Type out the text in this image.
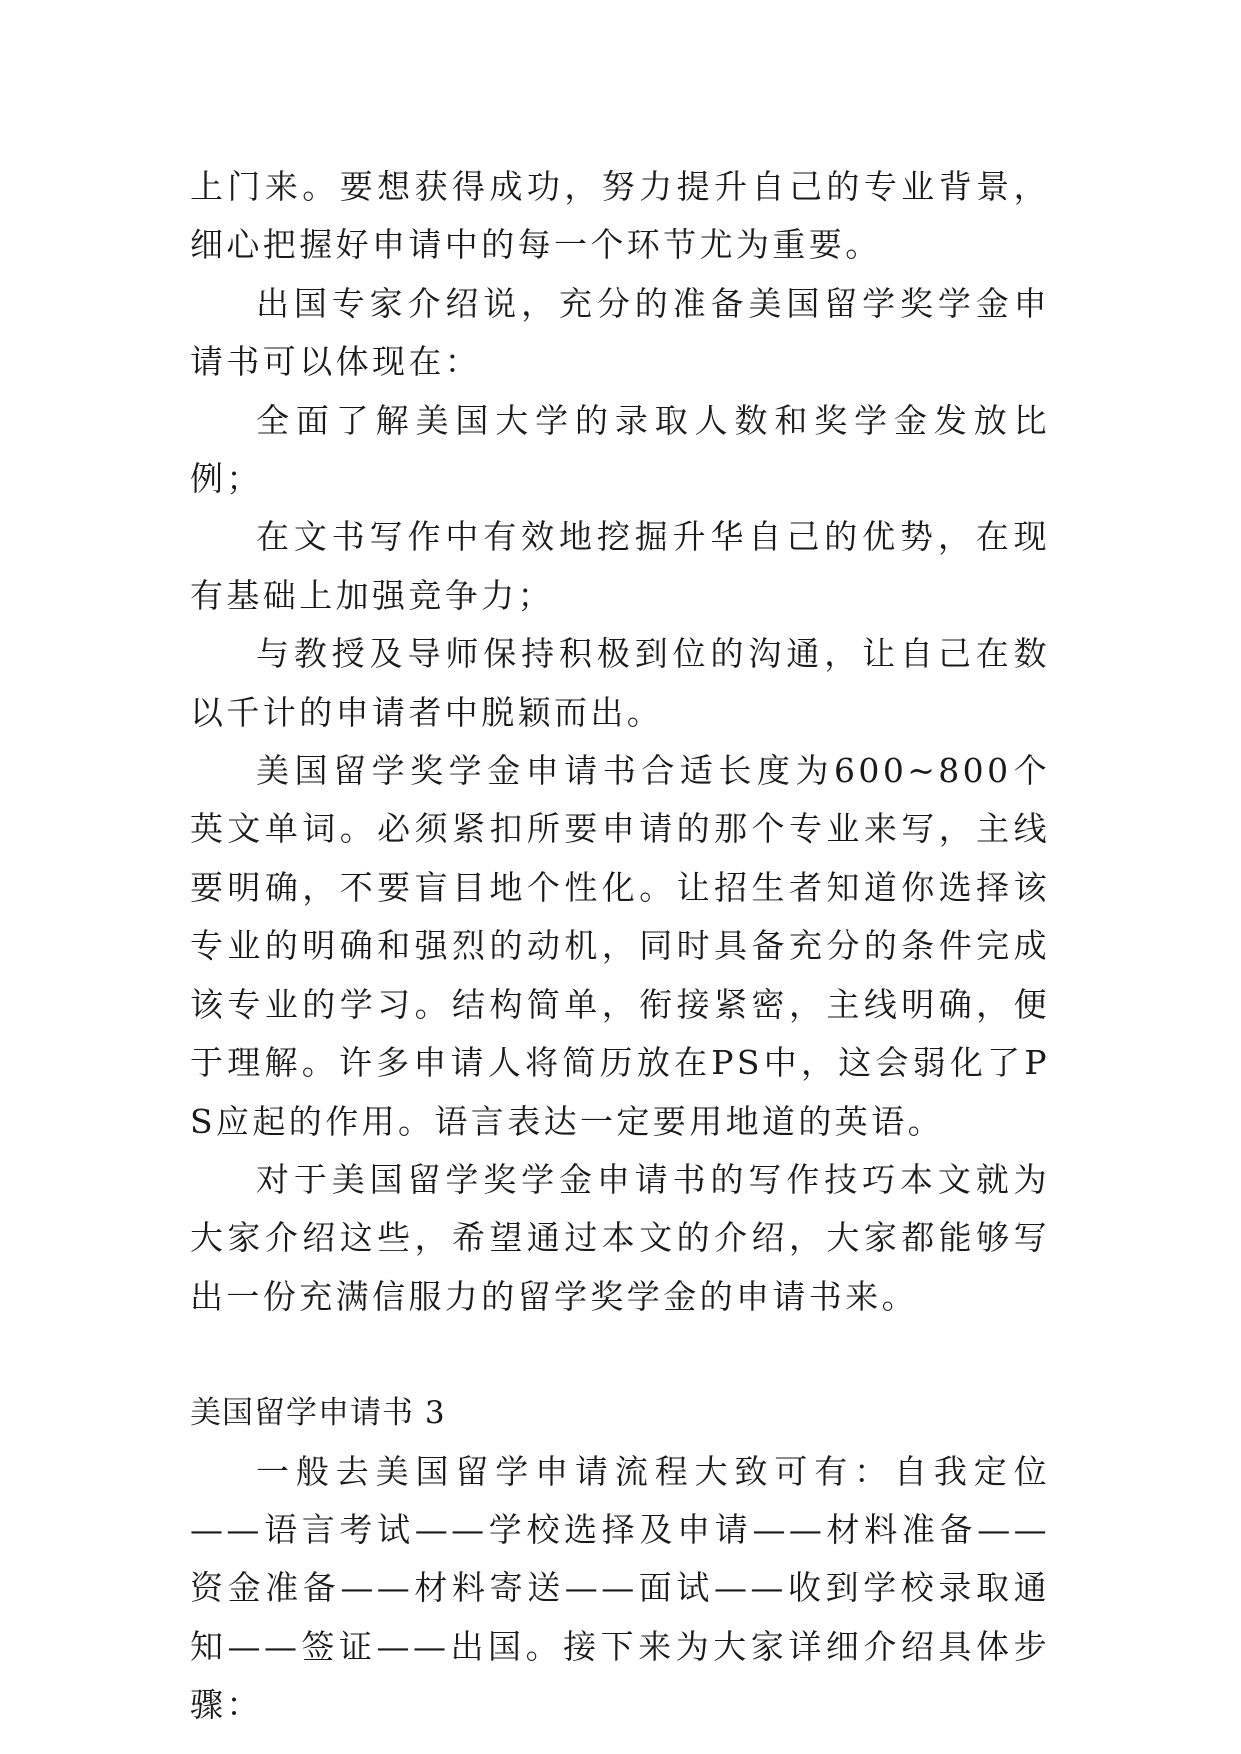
上门来。要想获得成功，努力提升自己的专业背景，细心把握好申请中的每一个环节尤为重要。

出国专家介绍说，充分的准备美国留学奖学金申请书可以体现在：

全面了解美国大学的录取人数和奖学金发放比例；

在文书写作中有效地挖掘升华自己的优势，在现有基础上加强竞争力；

与教授及导师保持积极到位的沟通，让自己在数以千计的申请者中脱颖而出。

美国留学奖学金申请书合适长度为600~800个英文单词。必须紧扣所要申请的那个专业来写，主线要明确，不要盲目地个性化。让招生者知道你选择该专业的明确和强烈的动机，同时具备充分的条件完成该专业的学习。结构简单，衔接紧密，主线明确，便于理解。许多申请人将简历放在PS中，这会弱化了PS应起的作用。语言表达一定要用地道的英语。

对于美国留学奖学金申请书的写作技巧本文就为大家介绍这些，希望通过本文的介绍，大家都能够写出一份充满信服力的留学奖学金的申请书来。

美国留学申请书 3

一般去美国留学申请流程大致可有：自我定位——语言考试——学校选择及申请——材料准备——资金准备——材料寄送——面试——收到学校录取通知——签证——出国。接下来为大家详细介绍具体步骤：
